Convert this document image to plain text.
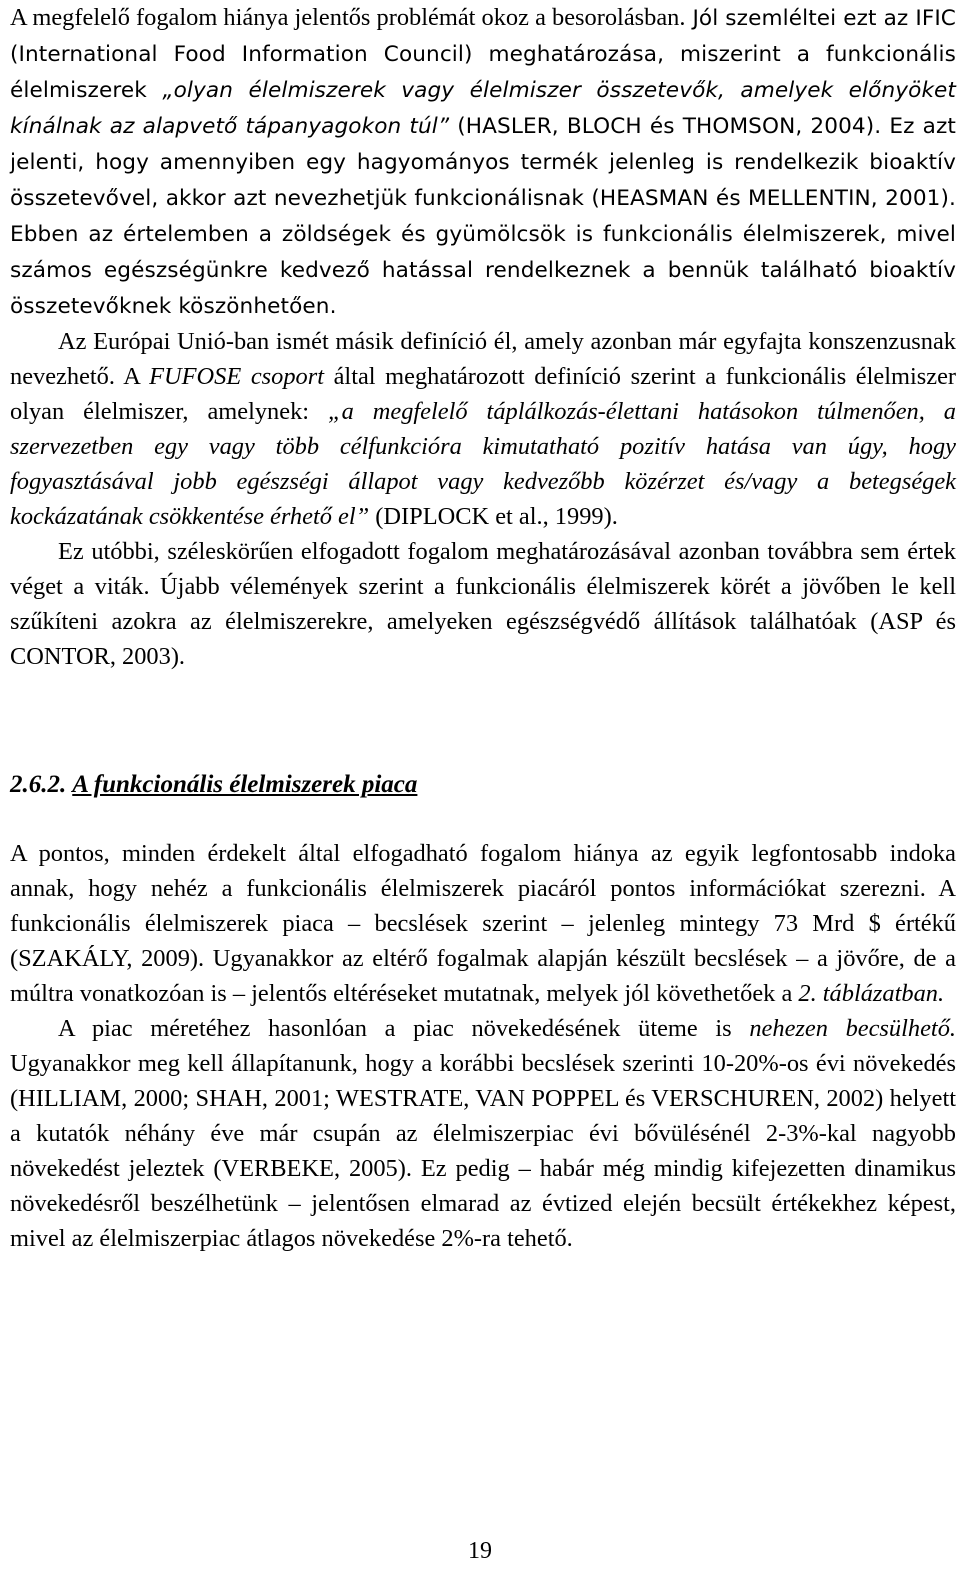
A megfelelő fogalom hiánya jelentős problémát okoz a besorolásban. Jól szemléltei ezt az IFIC (International Food Information Council) meghatározása, miszerint a funkcionális élelmiszerek „olyan élelmiszerek vagy élelmiszer összetevők, amelyek előnyöket kínálnak az alapvető tápanyagokon túl” (HASLER, BLOCH és THOMSON, 2004). Ez azt jelenti, hogy amennyiben egy hagyományos termék jelenleg is rendelkezik bioaktív összetevővel, akkor azt nevezhetjük funkcionálisnak (HEASMAN és MELLENTIN, 2001). Ebben az értelemben a zöldségek és gyümölcsök is funkcionális élelmiszerek, mivel számos egészségünkre kedvező hatással rendelkeznek a bennük található bioaktív összetevőknek köszönhetően.

Az Európai Unió-ban ismét másik definíció él, amely azonban már egyfajta konszenzusnak nevezhető. A FUFOSE csoport által meghatározott definíció szerint a funkcionális élelmiszer olyan élelmiszer, amelynek: „a megfelelő táplálkozás-élettani hatásokon túlmenően, a szervezetben egy vagy több célfunkcióra kimutatható pozitív hatása van úgy, hogy fogyasztásával jobb egészségi állapot vagy kedvezőbb közérzet és/vagy a betegségek kockázatának csökkentése érhető el” (DIPLOCK et al., 1999).

Ez utóbbi, széleskörűen elfogadott fogalom meghatározásával azonban továbbra sem értek véget a viták. Újabb vélemények szerint a funkcionális élelmiszerek körét a jövőben le kell szűkíteni azokra az élelmiszerekre, amelyeken egészségvédő állítások találhatóak (ASP és CONTOR, 2003).

2.6.2. A funkcionális élelmiszerek piaca

A pontos, minden érdekelt által elfogadható fogalom hiánya az egyik legfontosabb indoka annak, hogy nehéz a funkcionális élelmiszerek piacáról pontos információkat szerezni. A funkcionális élelmiszerek piaca – becslések szerint – jelenleg mintegy 73 Mrd $ értékű (SZAKÁLY, 2009). Ugyanakkor az eltérő fogalmak alapján készült becslések – a jövőre, de a múltra vonatkozóan is – jelentős eltéréseket mutatnak, melyek jól követhetőek a 2. táblázatban.

A piac méretéhez hasonlóan a piac növekedésének üteme is nehezen becsülhető. Ugyanakkor meg kell állapítanunk, hogy a korábbi becslések szerinti 10-20%-os évi növekedés (HILLIAM, 2000; SHAH, 2001; WESTRATE, VAN POPPEL és VERSCHUREN, 2002) helyett a kutatók néhány éve már csupán az élelmiszerpiac évi bővülésénél 2-3%-kal nagyobb növekedést jeleztek (VERBEKE, 2005). Ez pedig – habár még mindig kifejezetten dinamikus növekedésről beszélhetünk – jelentősen elmarad az évtized elején becsült értékekhez képest, mivel az élelmiszerpiac átlagos növekedése 2%-ra tehető.

19
